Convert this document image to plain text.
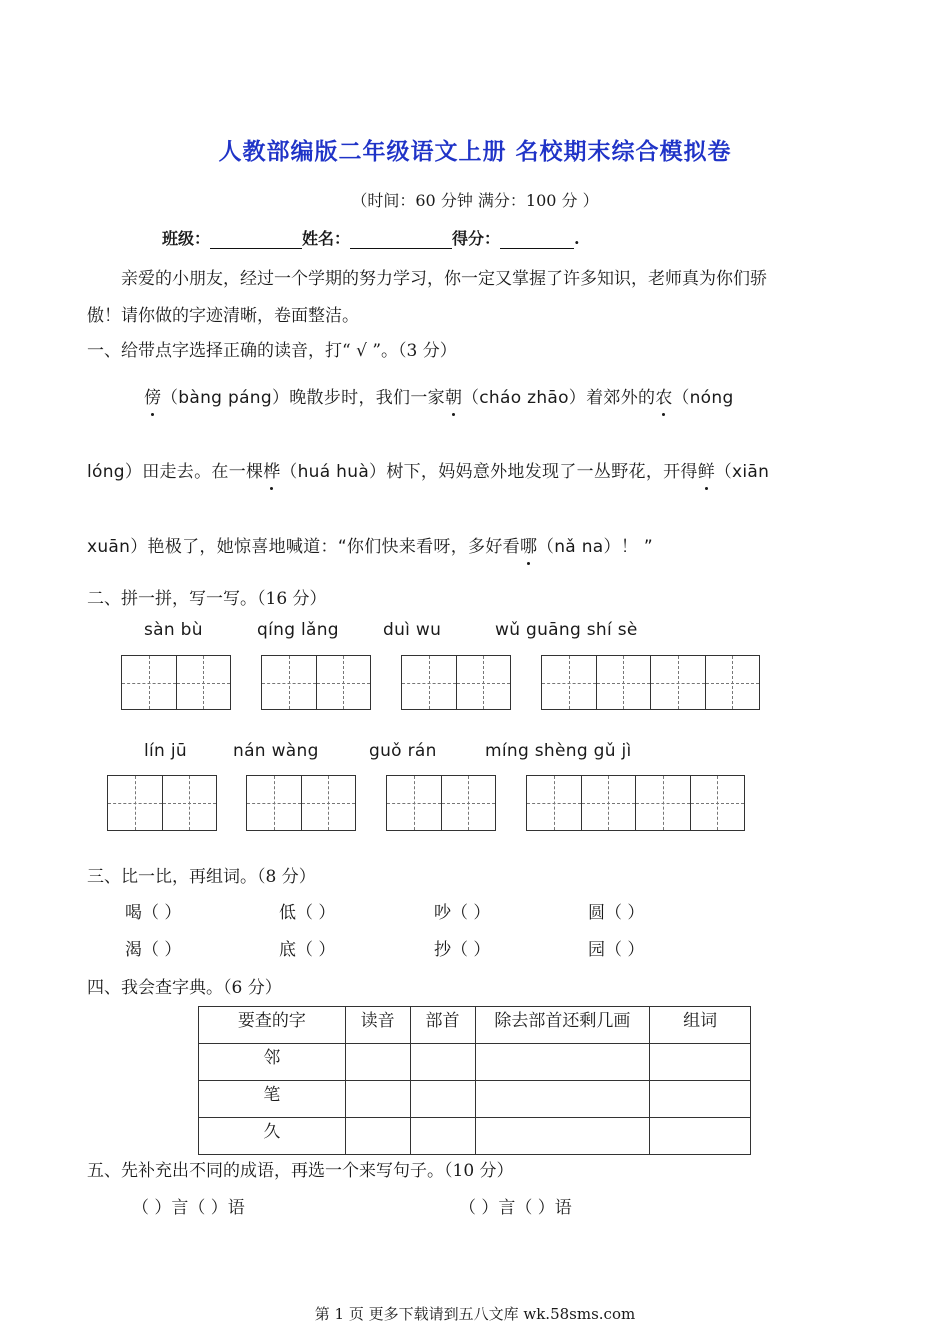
人教部编版二年级语文上册 名校期末综合模拟卷
（时间：60 分钟 满分：100 分 ）
班级：	姓名：	得分：	.
亲爱的小朋友，经过一个学期的努力学习，你一定又掌握了许多知识，老师真为你们骄
傲！请你做的字迹清晰，卷面整洁。
一、给带点字选择正确的读音，打“ √ ”。（3 分）
傍（bàng páng）晚散步时，我们一家朝（cháo zhāo）着郊外的农（nóng
lóng）田走去。在一棵桦（huá huà）树下，妈妈意外地发现了一丛野花，开得鲜（xiān
xuān）艳极了，她惊喜地喊道：“你们快来看呀，多好看哪（nǎ na）！ ”
二、拼一拼，写一写。（16 分）
sàn bù	qíng lǎng	duì wu	wǔ guāng shí sè
lín jū	nán wàng	guǒ rán	míng shèng gǔ jì
三、比一比，再组词。（8 分）
喝（ ）	低（ ）	吵（ ）	圆（ ）
渴（ ）	底（ ）	抄（ ）	园（ ）
四、我会查字典。（6 分）
要查的字	读音	部首	除去部首还剩几画	组词
邻				
笔				
久				
五、先补充出不同的成语，再选一个来写句子。（10 分）
（ ）言（ ）语	（ ）言（ ）语
第 1 页 更多下载请到五八文库 wk.58sms.com
